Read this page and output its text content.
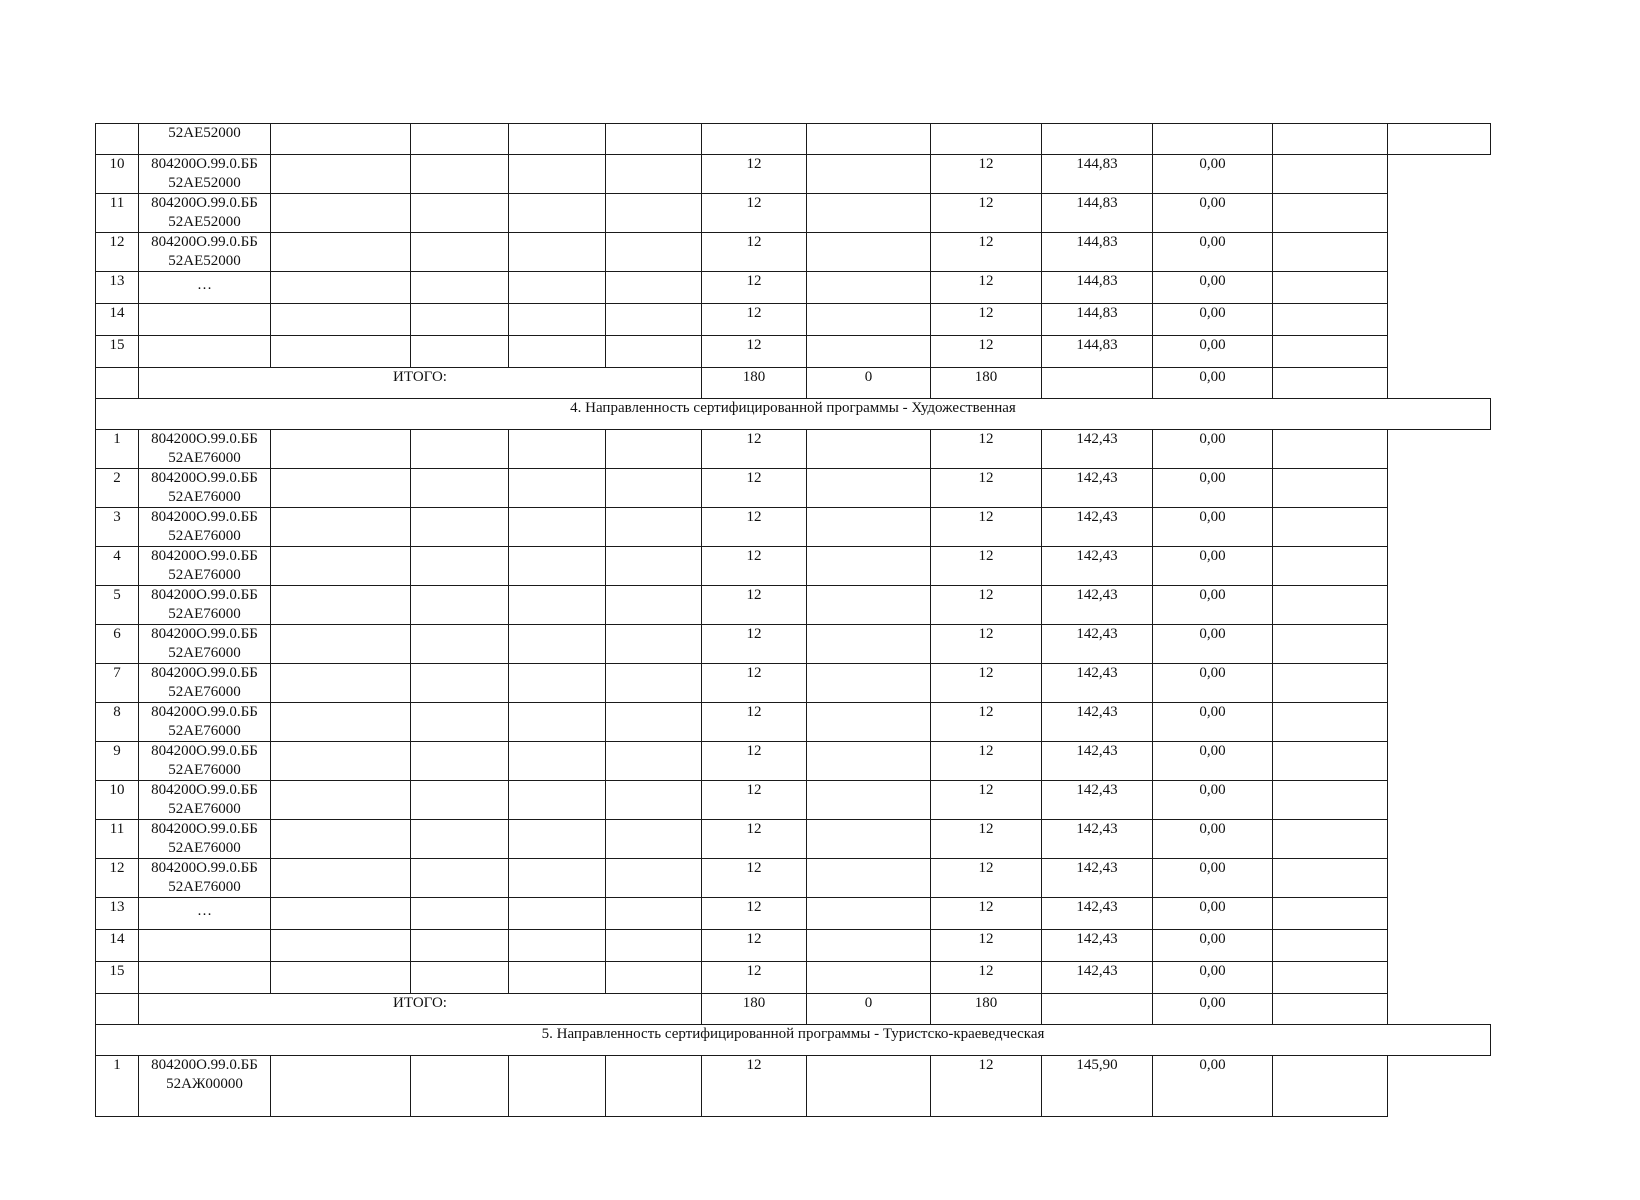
	52AE52000											

10	804200О.99.0.ББ
52AE52000					12		12	144,83	0,00		
11	804200О.99.0.ББ
52AE52000					12		12	144,83	0,00		
12	804200О.99.0.ББ
52AE52000					12		12	144,83	0,00		
13	…					12		12	144,83	0,00		
14						12		12	144,83	0,00		
15						12		12	144,83	0,00		
	ИТОГО:					180	0	180		0,00		
4. Направленность сертифицированной программы - Художественная												
1	804200О.99.0.ББ
52AE76000					12		12	142,43	0,00		
2	804200О.99.0.ББ
52AE76000					12		12	142,43	0,00		
3	804200О.99.0.ББ
52AE76000					12		12	142,43	0,00		
4	804200О.99.0.ББ
52AE76000					12		12	142,43	0,00		
5	804200О.99.0.ББ
52AE76000					12		12	142,43	0,00		
6	804200О.99.0.ББ
52AE76000					12		12	142,43	0,00		
7	804200О.99.0.ББ
52AE76000					12		12	142,43	0,00		
8	804200О.99.0.ББ
52AE76000					12		12	142,43	0,00		
9	804200О.99.0.ББ
52AE76000					12		12	142,43	0,00		
10	804200О.99.0.ББ
52AE76000					12		12	142,43	0,00		
11	804200О.99.0.ББ
52AE76000					12		12	142,43	0,00		
12	804200О.99.0.ББ
52AE76000					12		12	142,43	0,00		
13	…					12		12	142,43	0,00		
14						12		12	142,43	0,00		
15						12		12	142,43	0,00		
	ИТОГО:					180	0	180		0,00		
5. Направленность сертифицированной программы - Туристско-краеведческая												
1	804200О.99.0.ББ
52АЖ00000					12		12	145,90	0,00		
